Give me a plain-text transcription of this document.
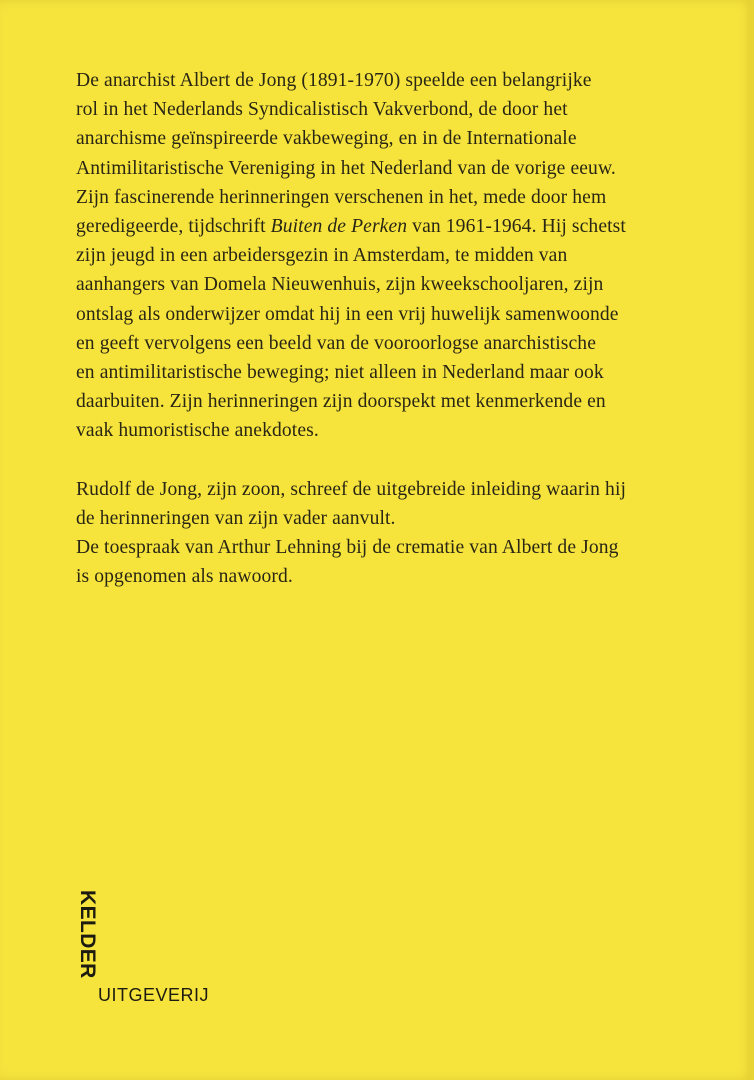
De anarchist Albert de Jong (1891-1970) speelde een belangrijke
rol in het Nederlands Syndicalistisch Vakverbond, de door het
anarchisme geïnspireerde vakbeweging, en in de Internationale
Antimilitaristische Vereniging in het Nederland van de vorige eeuw.
Zijn fascinerende herinneringen verschenen in het, mede door hem
geredigeerde, tijdschrift Buiten de Perken van 1961-1964. Hij schetst
zijn jeugd in een arbeidersgezin in Amsterdam, te midden van
aanhangers van Domela Nieuwenhuis, zijn kweekschooljaren, zijn
ontslag als onderwijzer omdat hij in een vrij huwelijk samenwoonde
en geeft vervolgens een beeld van de vooroorlogse anarchistische
en antimilitaristische beweging; niet alleen in Nederland maar ook
daarbuiten. Zijn herinneringen zijn doorspekt met kenmerkende en
vaak humoristische anekdotes.
Rudolf de Jong, zijn zoon, schreef de uitgebreide inleiding waarin hij
de herinneringen van zijn vader aanvult.
De toespraak van Arthur Lehning bij de crematie van Albert de Jong
is opgenomen als nawoord.
KELDER
UITGEVERIJ
